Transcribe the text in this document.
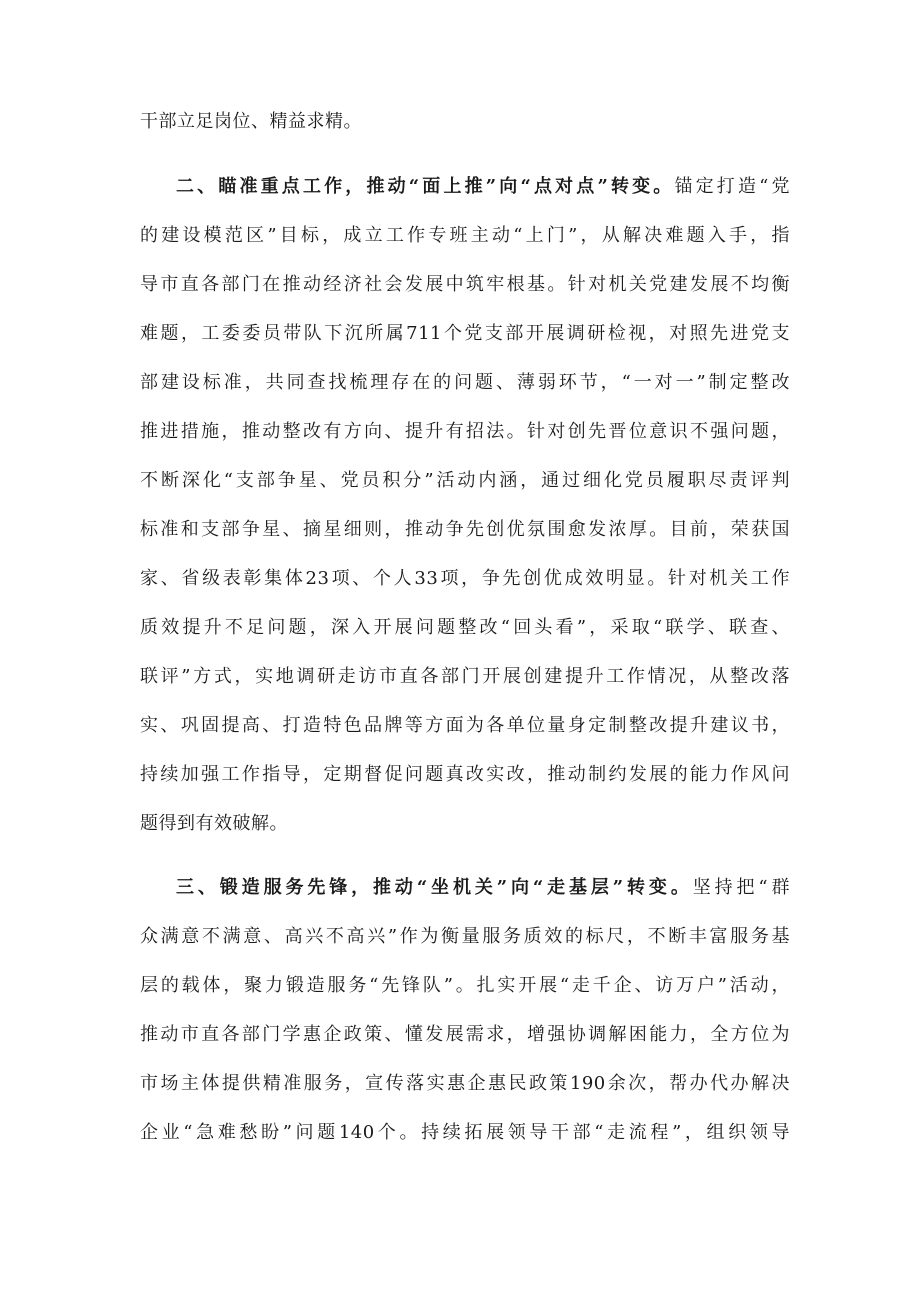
干部立足岗位、精益求精。
二、瞄准重点工作，推动“面上推”向“点对点”转变。锚定打造“党
的建设模范区”目标，成立工作专班主动“上门”，从解决难题入手，指
导市直各部门在推动经济社会发展中筑牢根基。针对机关党建发展不均衡
难题，工委委员带队下沉所属711个党支部开展调研检视，对照先进党支
部建设标准，共同查找梳理存在的问题、薄弱环节，“一对一”制定整改
推进措施，推动整改有方向、提升有招法。针对创先晋位意识不强问题，
不断深化“支部争星、党员积分”活动内涵，通过细化党员履职尽责评判
标准和支部争星、摘星细则，推动争先创优氛围愈发浓厚。目前，荣获国
家、省级表彰集体23项、个人33项，争先创优成效明显。针对机关工作
质效提升不足问题，深入开展问题整改“回头看”，采取“联学、联查、
联评”方式，实地调研走访市直各部门开展创建提升工作情况，从整改落
实、巩固提高、打造特色品牌等方面为各单位量身定制整改提升建议书，
持续加强工作指导，定期督促问题真改实改，推动制约发展的能力作风问
题得到有效破解。
三、锻造服务先锋，推动“坐机关”向“走基层”转变。坚持把“群
众满意不满意、高兴不高兴”作为衡量服务质效的标尺，不断丰富服务基
层的载体，聚力锻造服务“先锋队”。扎实开展“走千企、访万户”活动，
推动市直各部门学惠企政策、懂发展需求，增强协调解困能力，全方位为
市场主体提供精准服务，宣传落实惠企惠民政策190余次，帮办代办解决
企业“急难愁盼”问题140个。持续拓展领导干部“走流程”，组织领导
